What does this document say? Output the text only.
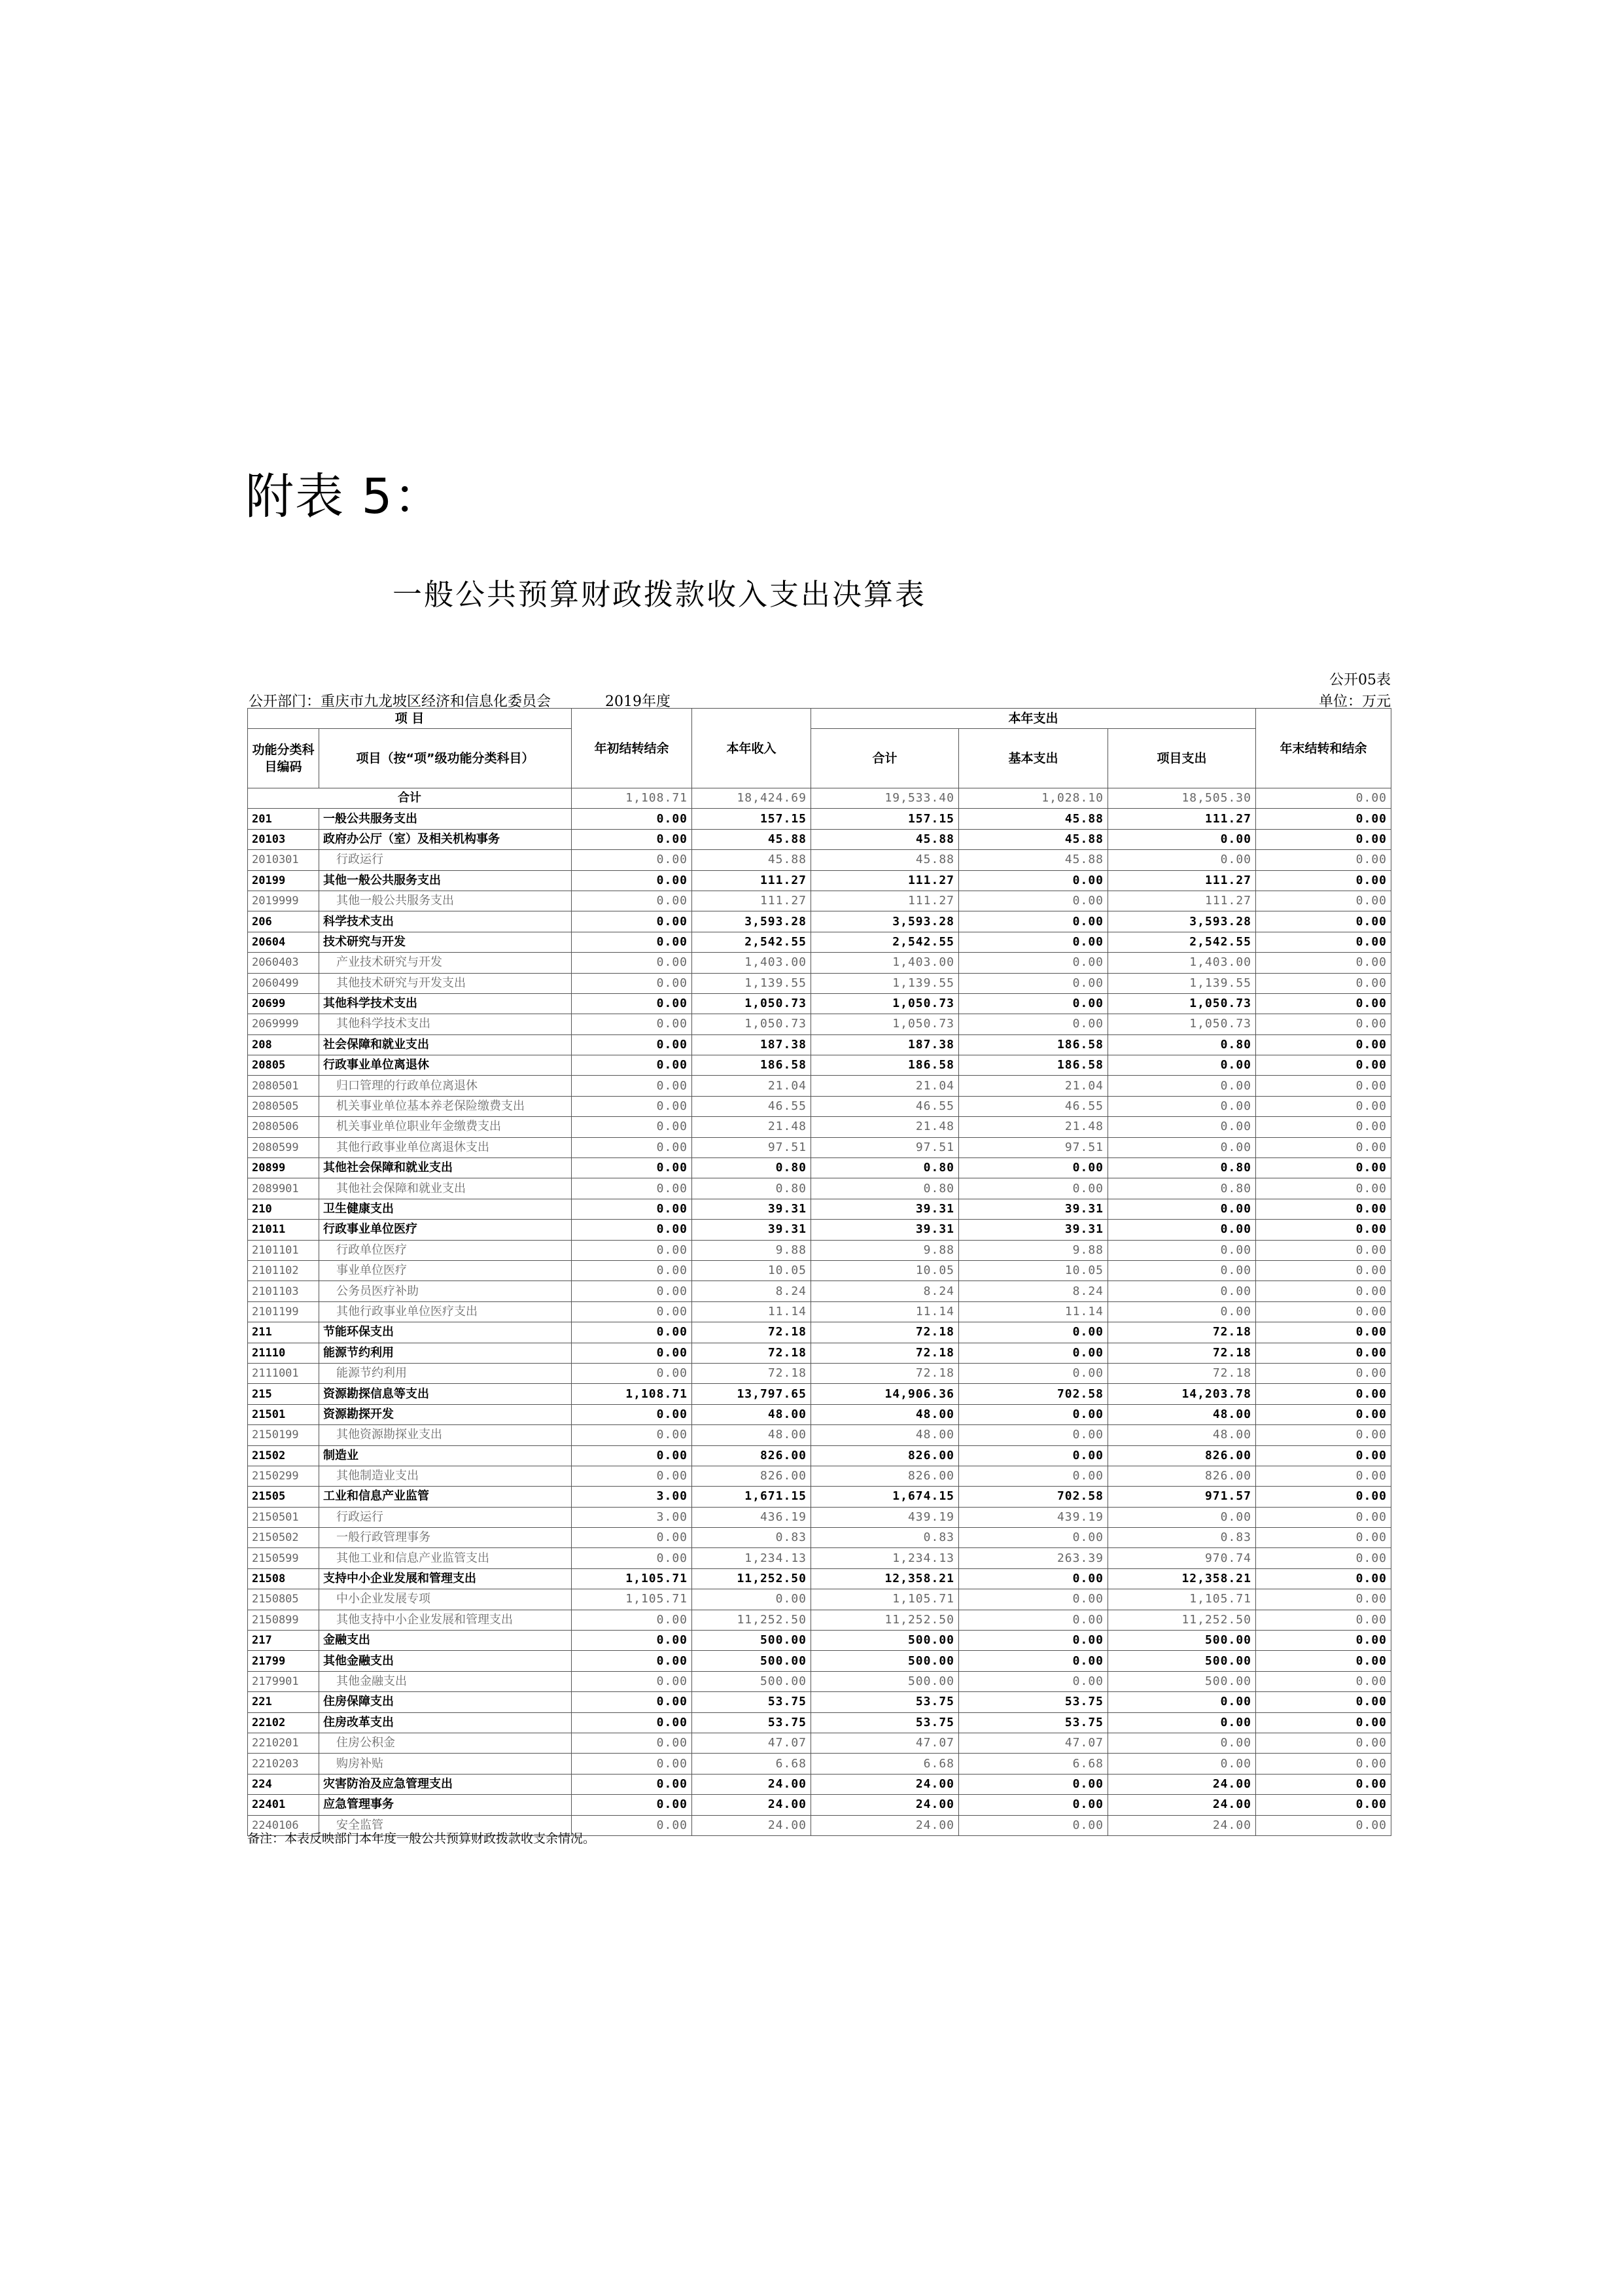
附表 5：
一般公共预算财政拨款收入支出决算表
公开05表
公开部门：重庆市九龙坡区经济和信息化委员会	2019年度	单位：万元
项 目		年初结转结余	本年收入	本年支出			年末结转和结余
功能分类科目编码	项目（按“项”级功能分类科目）			合计	基本支出	项目支出	

合计		1,108.71	18,424.69	19,533.40	1,028.10	18,505.30	0.00
201	一般公共服务支出	0.00	157.15	157.15	45.88	111.27	0.00
20103	政府办公厅（室）及相关机构事务	0.00	45.88	45.88	45.88	0.00	0.00
2010301	行政运行	0.00	45.88	45.88	45.88	0.00	0.00
20199	其他一般公共服务支出	0.00	111.27	111.27	0.00	111.27	0.00
2019999	其他一般公共服务支出	0.00	111.27	111.27	0.00	111.27	0.00
206	科学技术支出	0.00	3,593.28	3,593.28	0.00	3,593.28	0.00
20604	技术研究与开发	0.00	2,542.55	2,542.55	0.00	2,542.55	0.00
2060403	产业技术研究与开发	0.00	1,403.00	1,403.00	0.00	1,403.00	0.00
2060499	其他技术研究与开发支出	0.00	1,139.55	1,139.55	0.00	1,139.55	0.00
20699	其他科学技术支出	0.00	1,050.73	1,050.73	0.00	1,050.73	0.00
2069999	其他科学技术支出	0.00	1,050.73	1,050.73	0.00	1,050.73	0.00
208	社会保障和就业支出	0.00	187.38	187.38	186.58	0.80	0.00
20805	行政事业单位离退休	0.00	186.58	186.58	186.58	0.00	0.00
2080501	归口管理的行政单位离退休	0.00	21.04	21.04	21.04	0.00	0.00
2080505	机关事业单位基本养老保险缴费支出	0.00	46.55	46.55	46.55	0.00	0.00
2080506	机关事业单位职业年金缴费支出	0.00	21.48	21.48	21.48	0.00	0.00
2080599	其他行政事业单位离退休支出	0.00	97.51	97.51	97.51	0.00	0.00
20899	其他社会保障和就业支出	0.00	0.80	0.80	0.00	0.80	0.00
2089901	其他社会保障和就业支出	0.00	0.80	0.80	0.00	0.80	0.00
210	卫生健康支出	0.00	39.31	39.31	39.31	0.00	0.00
21011	行政事业单位医疗	0.00	39.31	39.31	39.31	0.00	0.00
2101101	行政单位医疗	0.00	9.88	9.88	9.88	0.00	0.00
2101102	事业单位医疗	0.00	10.05	10.05	10.05	0.00	0.00
2101103	公务员医疗补助	0.00	8.24	8.24	8.24	0.00	0.00
2101199	其他行政事业单位医疗支出	0.00	11.14	11.14	11.14	0.00	0.00
211	节能环保支出	0.00	72.18	72.18	0.00	72.18	0.00
21110	能源节约利用	0.00	72.18	72.18	0.00	72.18	0.00
2111001	能源节约利用	0.00	72.18	72.18	0.00	72.18	0.00
215	资源勘探信息等支出	1,108.71	13,797.65	14,906.36	702.58	14,203.78	0.00
21501	资源勘探开发	0.00	48.00	48.00	0.00	48.00	0.00
2150199	其他资源勘探业支出	0.00	48.00	48.00	0.00	48.00	0.00
21502	制造业	0.00	826.00	826.00	0.00	826.00	0.00
2150299	其他制造业支出	0.00	826.00	826.00	0.00	826.00	0.00
21505	工业和信息产业监管	3.00	1,671.15	1,674.15	702.58	971.57	0.00
2150501	行政运行	3.00	436.19	439.19	439.19	0.00	0.00
2150502	一般行政管理事务	0.00	0.83	0.83	0.00	0.83	0.00
2150599	其他工业和信息产业监管支出	0.00	1,234.13	1,234.13	263.39	970.74	0.00
21508	支持中小企业发展和管理支出	1,105.71	11,252.50	12,358.21	0.00	12,358.21	0.00
2150805	中小企业发展专项	1,105.71	0.00	1,105.71	0.00	1,105.71	0.00
2150899	其他支持中小企业发展和管理支出	0.00	11,252.50	11,252.50	0.00	11,252.50	0.00
217	金融支出	0.00	500.00	500.00	0.00	500.00	0.00
21799	其他金融支出	0.00	500.00	500.00	0.00	500.00	0.00
2179901	其他金融支出	0.00	500.00	500.00	0.00	500.00	0.00
221	住房保障支出	0.00	53.75	53.75	53.75	0.00	0.00
22102	住房改革支出	0.00	53.75	53.75	53.75	0.00	0.00
2210201	住房公积金	0.00	47.07	47.07	47.07	0.00	0.00
2210203	购房补贴	0.00	6.68	6.68	6.68	0.00	0.00
224	灾害防治及应急管理支出	0.00	24.00	24.00	0.00	24.00	0.00
22401	应急管理事务	0.00	24.00	24.00	0.00	24.00	0.00
2240106	安全监管	0.00	24.00	24.00	0.00	24.00	0.00
备注：本表反映部门本年度一般公共预算财政拨款收支余情况。
